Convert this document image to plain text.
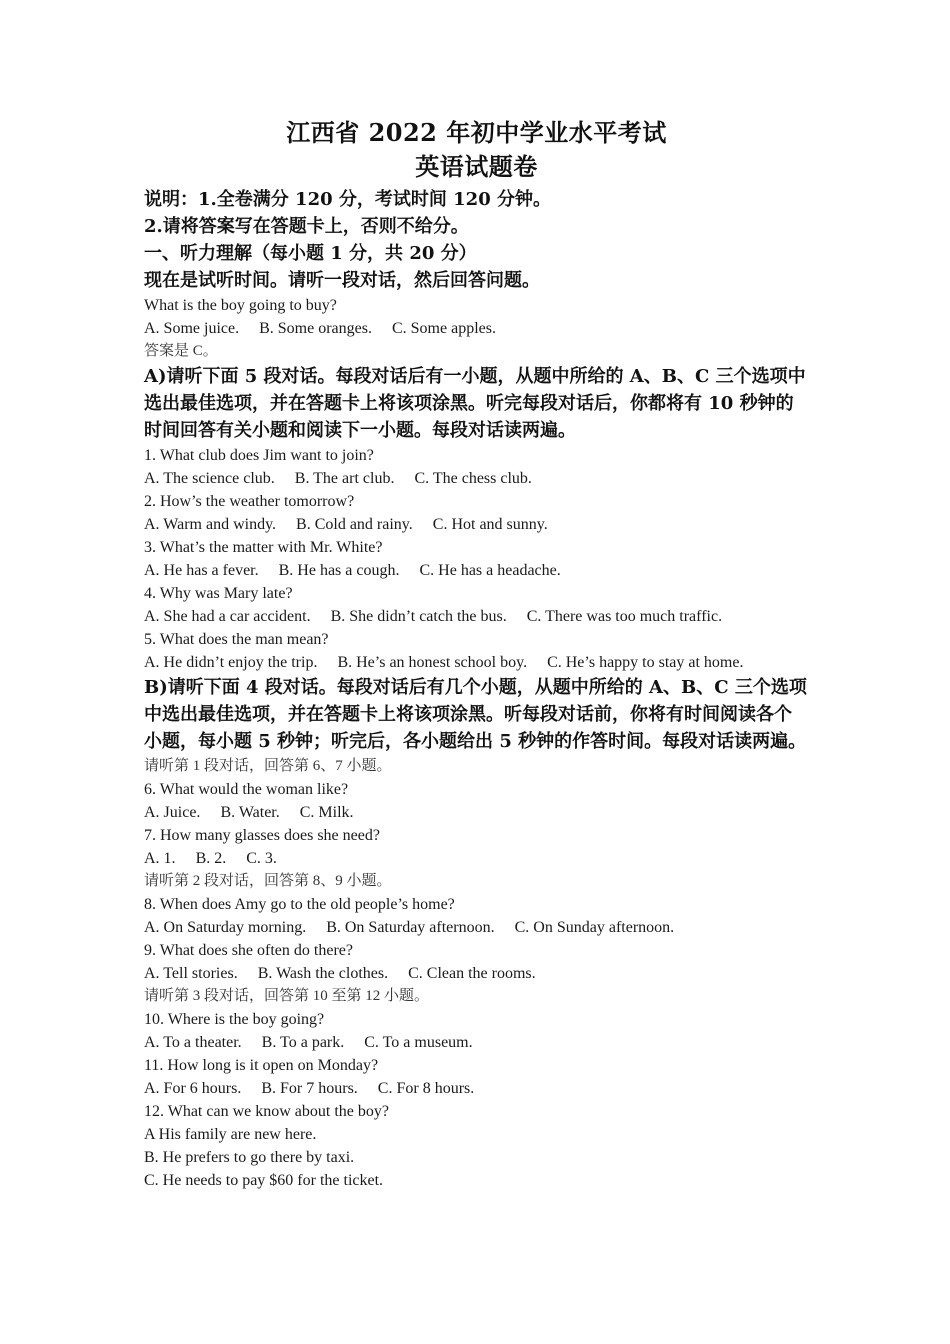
江西省 2022 年初中学业水平考试
英语试题卷

说明：1.全卷满分 120 分，考试时间 120 分钟。

2.请将答案写在答题卡上，否则不给分。

一、听力理解（每小题 1 分，共 20 分）

现在是试听时间。请听一段对话，然后回答问题。

What is the boy going to buy?

A. Some juice. B. Some oranges. C. Some apples.

答案是 C。

A)请听下面 5 段对话。每段对话后有一小题，从题中所给的 A、B、C 三个选项中选出最佳选项，并在答题卡上将该项涂黑。听完每段对话后，你都将有 10 秒钟的时间回答有关小题和阅读下一小题。每段对话读两遍。

1. What club does Jim want to join?

A. The science club. B. The art club. C. The chess club.

2. How’s the weather tomorrow?

A. Warm and windy. B. Cold and rainy. C. Hot and sunny.

3. What’s the matter with Mr. White?

A. He has a fever. B. He has a cough. C. He has a headache.

4. Why was Mary late?

A. She had a car accident. B. She didn’t catch the bus. C. There was too much traffic.

5. What does the man mean?

A. He didn’t enjoy the trip. B. He’s an honest school boy. C. He’s happy to stay at home.

B)请听下面 4 段对话。每段对话后有几个小题，从题中所给的 A、B、C 三个选项中选出最佳选项，并在答题卡上将该项涂黑。听每段对话前，你将有时间阅读各个小题，每小题 5 秒钟；听完后，各小题给出 5 秒钟的作答时间。每段对话读两遍。

请听第 1 段对话，回答第 6、7 小题。

6. What would the woman like?

A. Juice. B. Water. C. Milk.

7. How many glasses does she need?

A. 1. B. 2. C. 3.

请听第 2 段对话，回答第 8、9 小题。

8. When does Amy go to the old people’s home?

A. On Saturday morning. B. On Saturday afternoon. C. On Sunday afternoon.

9. What does she often do there?

A. Tell stories. B. Wash the clothes. C. Clean the rooms.

请听第 3 段对话，回答第 10 至第 12 小题。

10. Where is the boy going?

A. To a theater. B. To a park. C. To a museum.

11. How long is it open on Monday?

A. For 6 hours. B. For 7 hours. C. For 8 hours.

12. What can we know about the boy?

A His family are new here.

B. He prefers to go there by taxi.

C. He needs to pay $60 for the ticket.
